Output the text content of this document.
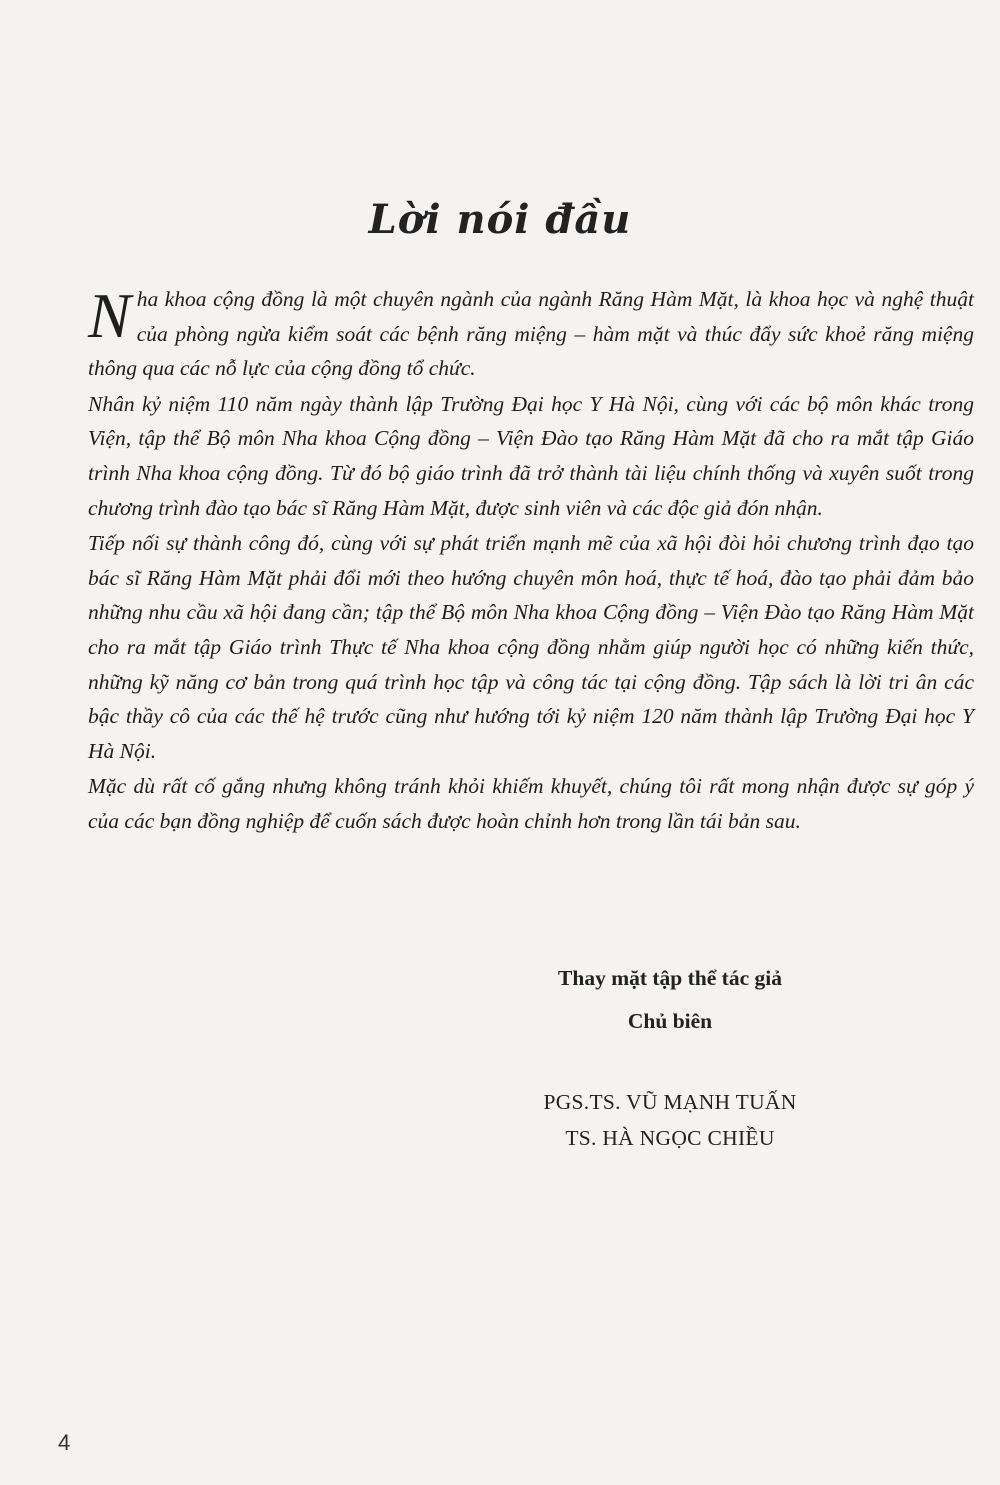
Lời nói đầu

Nha khoa cộng đồng là một chuyên ngành của ngành Răng Hàm Mặt, là khoa học và nghệ thuật của phòng ngừa kiểm soát các bệnh răng miệng – hàm mặt và thúc đẩy sức khoẻ răng miệng thông qua các nỗ lực của cộng đồng tổ chức.

Nhân kỷ niệm 110 năm ngày thành lập Trường Đại học Y Hà Nội, cùng với các bộ môn khác trong Viện, tập thể Bộ môn Nha khoa Cộng đồng – Viện Đào tạo Răng Hàm Mặt đã cho ra mắt tập Giáo trình Nha khoa cộng đồng. Từ đó bộ giáo trình đã trở thành tài liệu chính thống và xuyên suốt trong chương trình đào tạo bác sĩ Răng Hàm Mặt, được sinh viên và các độc giả đón nhận.

Tiếp nối sự thành công đó, cùng với sự phát triển mạnh mẽ của xã hội đòi hỏi chương trình đạo tạo bác sĩ Răng Hàm Mặt phải đổi mới theo hướng chuyên môn hoá, thực tế hoá, đào tạo phải đảm bảo những nhu cầu xã hội đang cần; tập thể Bộ môn Nha khoa Cộng đồng – Viện Đào tạo Răng Hàm Mặt cho ra mắt tập Giáo trình Thực tế Nha khoa cộng đồng nhằm giúp người học có những kiến thức, những kỹ năng cơ bản trong quá trình học tập và công tác tại cộng đồng. Tập sách là lời tri ân các bậc thầy cô của các thế hệ trước cũng như hướng tới kỷ niệm 120 năm thành lập Trường Đại học Y Hà Nội.

Mặc dù rất cố gắng nhưng không tránh khỏi khiếm khuyết, chúng tôi rất mong nhận được sự góp ý của các bạn đồng nghiệp để cuốn sách được hoàn chỉnh hơn trong lần tái bản sau.

Thay mặt tập thể tác giả
Chủ biên
PGS.TS. VŨ MẠNH TUẤN
TS. HÀ NGỌC CHIỀU
4
